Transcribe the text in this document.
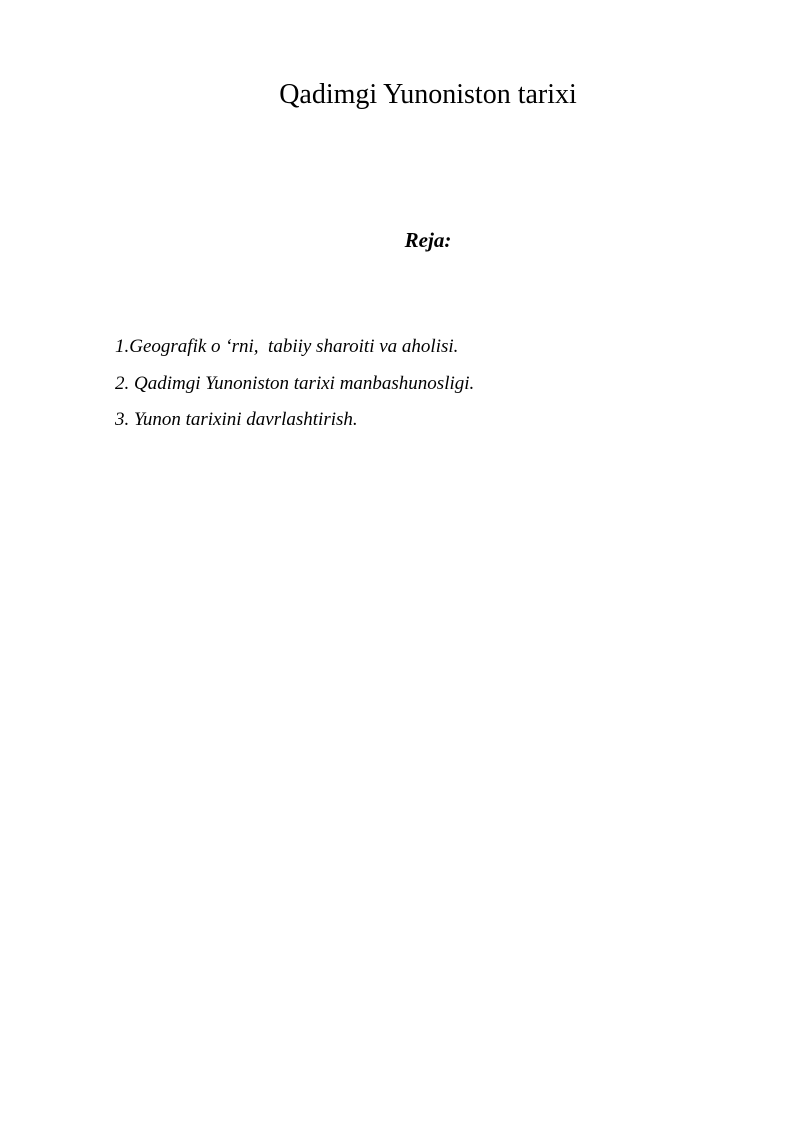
Qadimgi Yunoniston tarixi
Reja:
1.Geografik o ‘rni,  tabiiy sharoiti va aholisi.
2. Qadimgi Yunoniston tarixi manbashunosligi.
3. Yunon tarixini davrlashtirish.
